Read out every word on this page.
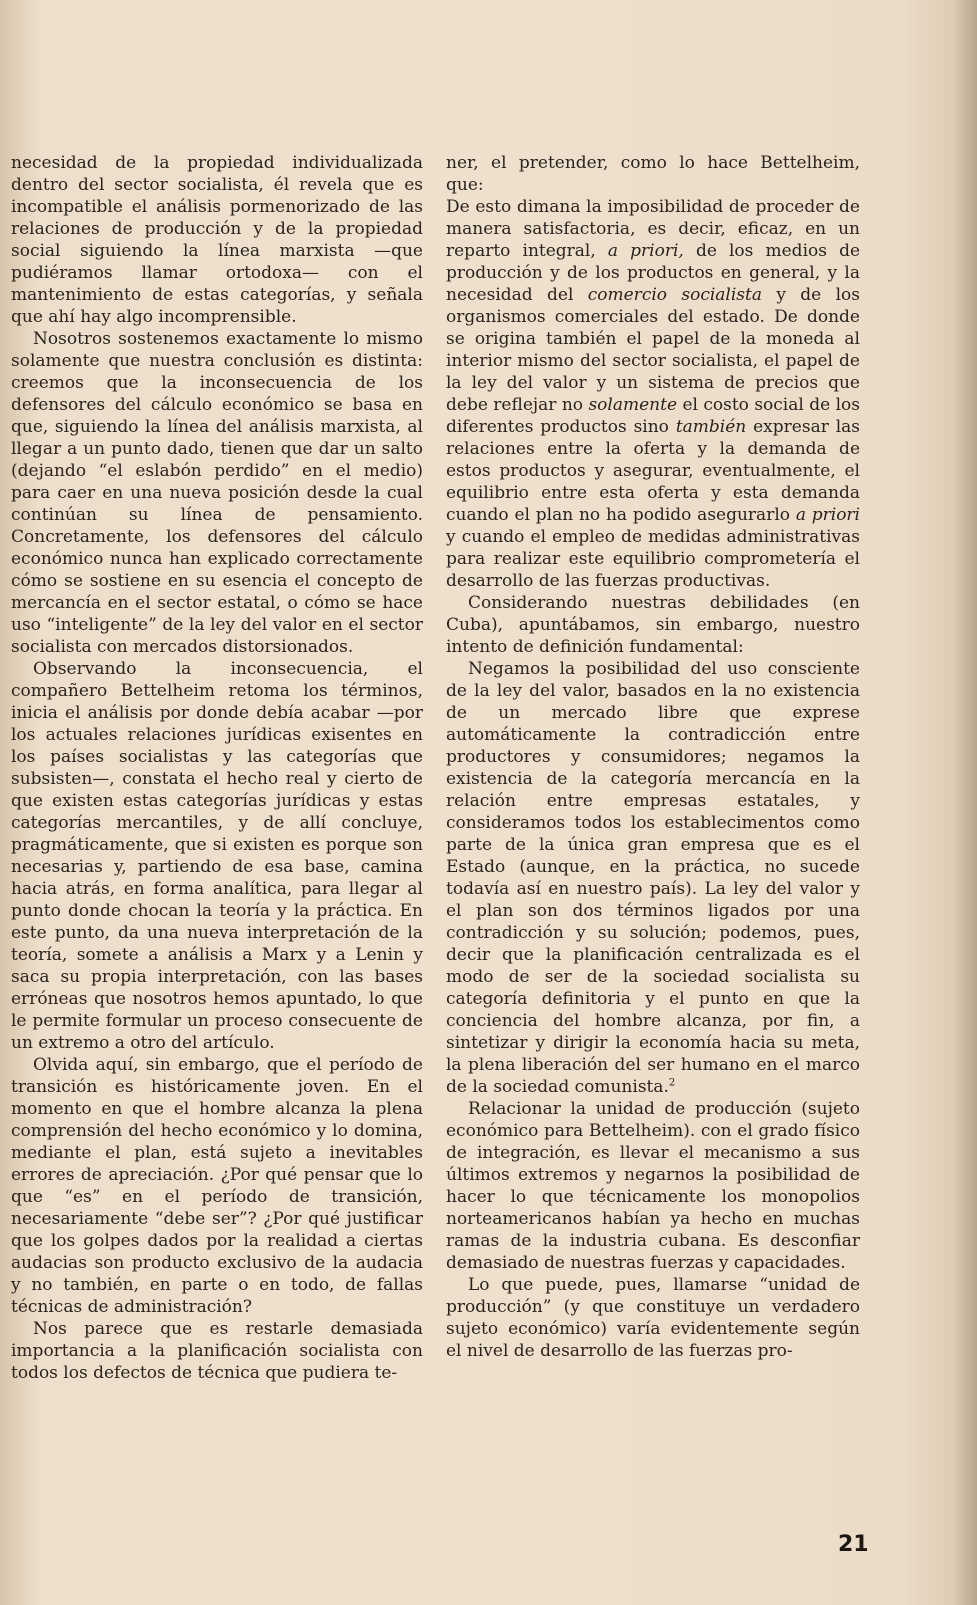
necesidad de la propiedad individualizada dentro del sector socialista, él revela que es incompatible el análisis pormenorizado de las relaciones de producción y de la propiedad social siguiendo la línea marxista —que pudiéramos llamar ortodoxa— con el mantenimiento de estas categorías, y señala que ahí hay algo incomprensible.

Nosotros sostenemos exactamente lo mismo solamente que nuestra conclusión es distinta: creemos que la inconsecuencia de los defensores del cálculo económico se basa en que, siguiendo la línea del análisis marxista, al llegar a un punto dado, tienen que dar un salto (dejando “el eslabón perdido” en el medio) para caer en una nueva posición desde la cual continúan su línea de pensamiento. Concretamente, los defensores del cálculo económico nunca han explicado correctamente cómo se sostiene en su esencia el concepto de mercancía en el sector estatal, o cómo se hace uso “inteligente” de la ley del valor en el sector socialista con mercados distorsionados.

Observando la inconsecuencia, el compañero Bettelheim retoma los términos, inicia el análisis por donde debía acabar —por los actuales relaciones jurídicas exisentes en los países socialistas y las categorías que subsisten—, constata el hecho real y cierto de que existen estas categorías jurídicas y estas categorías mercantiles, y de allí concluye, pragmáticamente, que si existen es porque son necesarias y, partiendo de esa base, camina hacia atrás, en forma analítica, para llegar al punto donde chocan la teoría y la práctica. En este punto, da una nueva interpretación de la teoría, somete a análisis a Marx y a Lenin y saca su propia interpretación, con las bases erróneas que nosotros hemos apuntado, lo que le permite formular un proceso consecuente de un extremo a otro del artículo.

Olvida aquí, sin embargo, que el período de transición es históricamente joven. En el momento en que el hombre alcanza la plena comprensión del hecho económico y lo domina, mediante el plan, está sujeto a inevitables errores de apreciación. ¿Por qué pensar que lo que “es” en el período de transición, necesariamente “debe ser”? ¿Por qué justificar que los golpes dados por la realidad a ciertas audacias son producto exclusivo de la audacia y no también, en parte o en todo, de fallas técnicas de administración?

Nos parece que es restarle demasiada importancia a la planificación socialista con todos los defectos de técnica que pudiera te-

ner, el pretender, como lo hace Bettelheim, que:

De esto dimana la imposibilidad de proceder de manera satisfactoria, es decir, eficaz, en un reparto integral, a priori, de los medios de producción y de los productos en general, y la necesidad del comercio socialista y de los organismos comerciales del estado. De donde se origina también el papel de la moneda al interior mismo del sector socialista, el papel de la ley del valor y un sistema de precios que debe reflejar no solamente el costo social de los diferentes productos sino también expresar las relaciones entre la oferta y la demanda de estos productos y asegurar, eventualmente, el equilibrio entre esta oferta y esta demanda cuando el plan no ha podido asegurarlo a priori y cuando el empleo de medidas administrativas para realizar este equilibrio comprometería el desarrollo de las fuerzas productivas.

Considerando nuestras debilidades (en Cuba), apuntábamos, sin embargo, nuestro intento de definición fundamental:

Negamos la posibilidad del uso consciente de la ley del valor, basados en la no existencia de un mercado libre que exprese automáticamente la contradicción entre productores y consumidores; negamos la existencia de la categoría mercancía en la relación entre empresas estatales, y consideramos todos los establecimentos como parte de la única gran empresa que es el Estado (aunque, en la práctica, no sucede todavía así en nuestro país). La ley del valor y el plan son dos términos ligados por una contradicción y su solución; podemos, pues, decir que la planificación centralizada es el modo de ser de la sociedad socialista su categoría definitoria y el punto en que la conciencia del hombre alcanza, por fin, a sintetizar y dirigir la economía hacia su meta, la plena liberación del ser humano en el marco de la sociedad comunista.$^2$

Relacionar la unidad de producción (sujeto económico para Bettelheim). con el grado físico de integración, es llevar el mecanismo a sus últimos extremos y negarnos la posibilidad de hacer lo que técnicamente los monopolios norteamericanos habían ya hecho en muchas ramas de la industria cubana. Es desconfiar demasiado de nuestras fuerzas y capacidades.

Lo que puede, pues, llamarse “unidad de producción” (y que constituye un verdadero sujeto económico) varía evidentemente según el nivel de desarrollo de las fuerzas pro-

21
